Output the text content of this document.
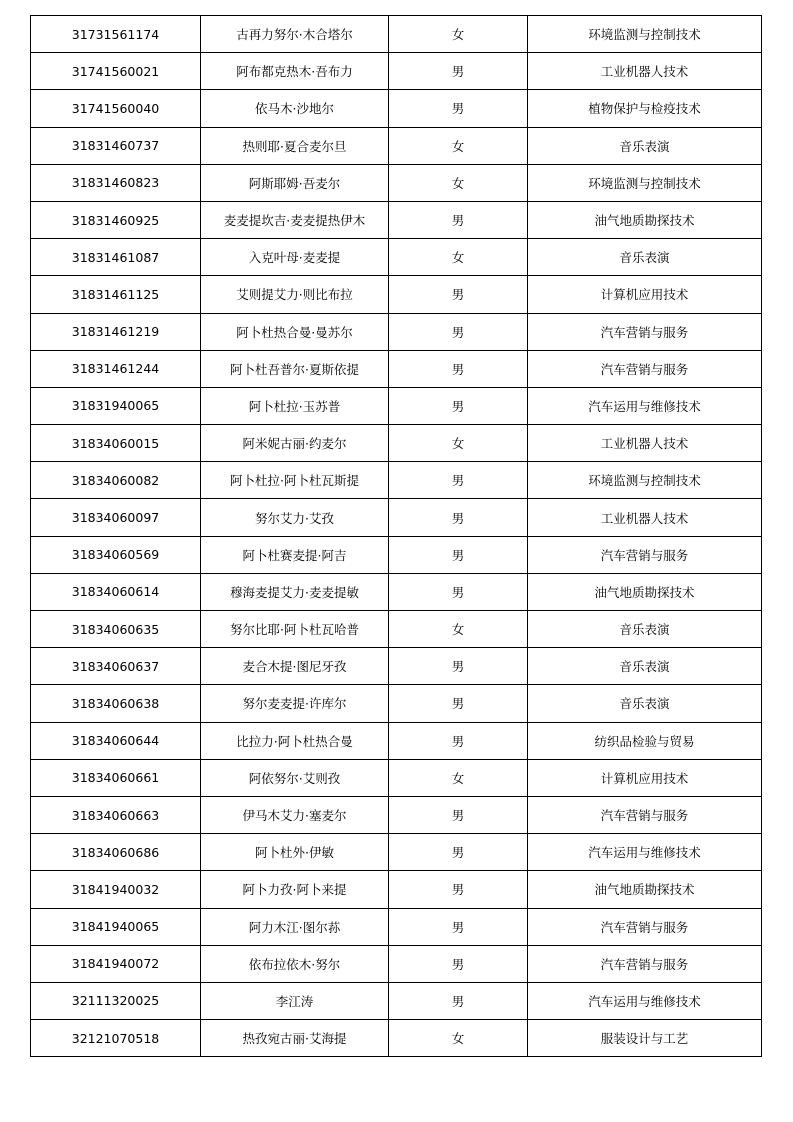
31731561174	古再力努尔·木合塔尔	女	环境监测与控制技术
31741560021	阿布都克热木·吾布力	男	工业机器人技术
31741560040	依马木·沙地尔	男	植物保护与检疫技术
31831460737	热则耶·夏合麦尔旦	女	音乐表演
31831460823	阿斯耶姆·吾麦尔	女	环境监测与控制技术
31831460925	麦麦提坎吉·麦麦提热伊木	男	油气地质勘探技术
31831461087	入克叶母·麦麦提	女	音乐表演
31831461125	艾则提艾力·则比布拉	男	计算机应用技术
31831461219	阿卜杜热合曼·曼苏尔	男	汽车营销与服务
31831461244	阿卜杜吾普尔·夏斯依提	男	汽车营销与服务
31831940065	阿卜杜拉·玉苏普	男	汽车运用与维修技术
31834060015	阿米妮古丽·约麦尔	女	工业机器人技术
31834060082	阿卜杜拉·阿卜杜瓦斯提	男	环境监测与控制技术
31834060097	努尔艾力·艾孜	男	工业机器人技术
31834060569	阿卜杜赛麦提·阿吉	男	汽车营销与服务
31834060614	穆海麦提艾力·麦麦提敏	男	油气地质勘探技术
31834060635	努尔比耶·阿卜杜瓦哈普	女	音乐表演
31834060637	麦合木提·图尼牙孜	男	音乐表演
31834060638	努尔麦麦提·许库尔	男	音乐表演
31834060644	比拉力·阿卜杜热合曼	男	纺织品检验与贸易
31834060661	阿依努尔·艾则孜	女	计算机应用技术
31834060663	伊马木艾力·塞麦尔	男	汽车营销与服务
31834060686	阿卜杜外·伊敏	男	汽车运用与维修技术
31841940032	阿卜力孜·阿卜来提	男	油气地质勘探技术
31841940065	阿力木江·图尔荪	男	汽车营销与服务
31841940072	依布拉依木·努尔	男	汽车营销与服务
32111320025	李江涛	男	汽车运用与维修技术
32121070518	热孜宛古丽·艾海提	女	服装设计与工艺
